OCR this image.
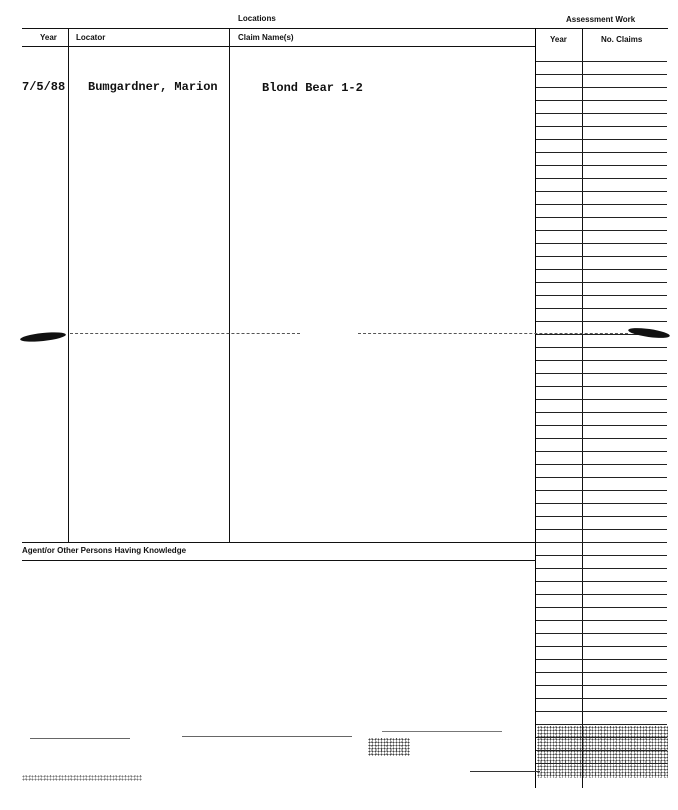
Locations	Assessment Work
Year Locator	Claim Name(s)	Year	No. Claims
7/5/88 Bumgardner, Marion	Blond Bear 1-2
Agent/or Other Persons Having Knowledge
